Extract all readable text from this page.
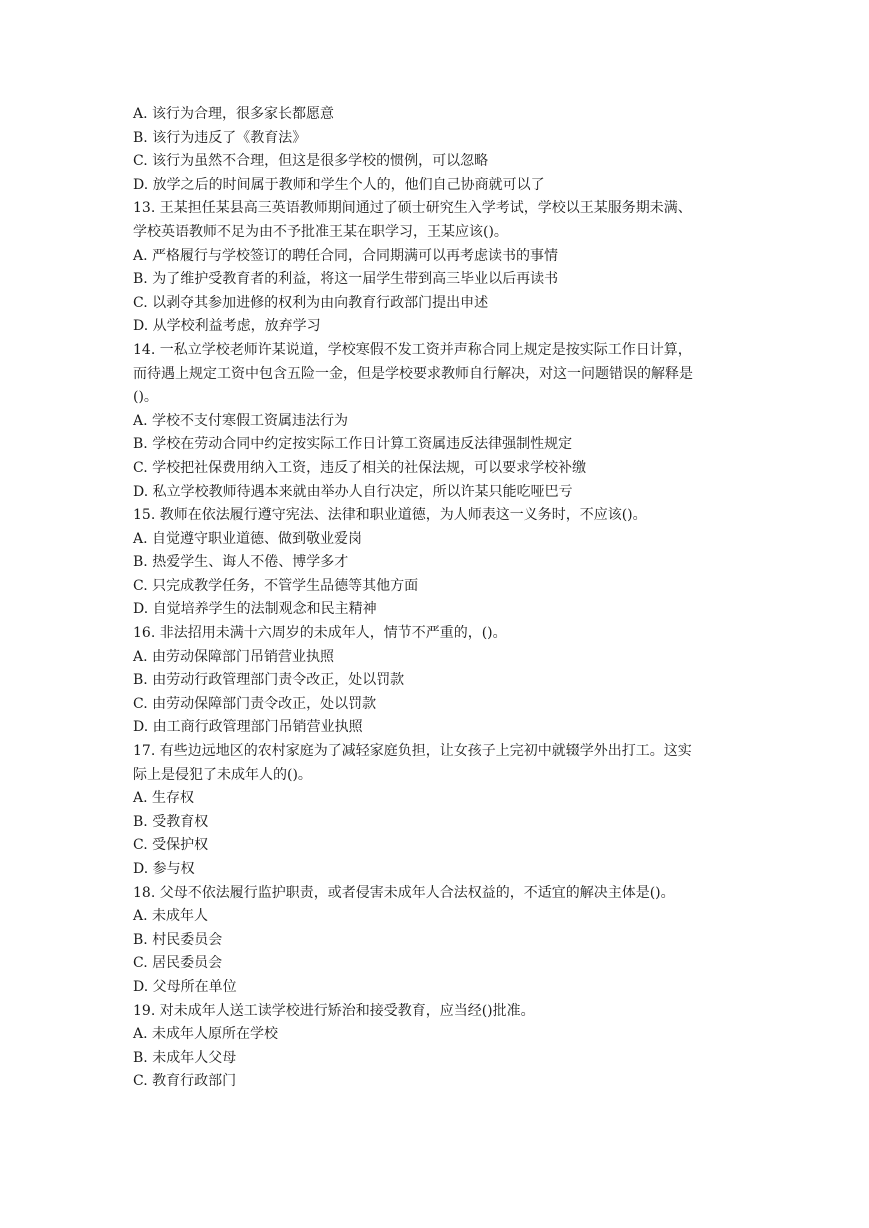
A. 该行为合理，很多家长都愿意
B. 该行为违反了《教育法》
C. 该行为虽然不合理，但这是很多学校的惯例，可以忽略
D. 放学之后的时间属于教师和学生个人的，他们自己协商就可以了
13. 王某担任某县高三英语教师期间通过了硕士研究生入学考试，学校以王某服务期未满、
学校英语教师不足为由不予批准王某在职学习，王某应该()。
A. 严格履行与学校签订的聘任合同，合同期满可以再考虑读书的事情
B. 为了维护受教育者的利益，将这一届学生带到高三毕业以后再读书
C. 以剥夺其参加进修的权利为由向教育行政部门提出申述
D. 从学校利益考虑，放弃学习
14. 一私立学校老师许某说道，学校寒假不发工资并声称合同上规定是按实际工作日计算，
而待遇上规定工资中包含五险一金，但是学校要求教师自行解决，对这一问题错误的解释是
()。
A. 学校不支付寒假工资属违法行为
B. 学校在劳动合同中约定按实际工作日计算工资属违反法律强制性规定
C. 学校把社保费用纳入工资，违反了相关的社保法规，可以要求学校补缴
D. 私立学校教师待遇本来就由举办人自行决定，所以许某只能吃哑巴亏
15. 教师在依法履行遵守宪法、法律和职业道德，为人师表这一义务时，不应该()。
A. 自觉遵守职业道德、做到敬业爱岗
B. 热爱学生、诲人不倦、博学多才
C. 只完成教学任务，不管学生品德等其他方面
D. 自觉培养学生的法制观念和民主精神
16. 非法招用未满十六周岁的未成年人，情节不严重的，()。
A. 由劳动保障部门吊销营业执照
B. 由劳动行政管理部门责令改正，处以罚款
C. 由劳动保障部门责令改正，处以罚款
D. 由工商行政管理部门吊销营业执照
17. 有些边远地区的农村家庭为了减轻家庭负担，让女孩子上完初中就辍学外出打工。这实
际上是侵犯了未成年人的()。
A. 生存权
B. 受教育权
C. 受保护权
D. 参与权
18. 父母不依法履行监护职责，或者侵害未成年人合法权益的，不适宜的解决主体是()。
A. 未成年人
B. 村民委员会
C. 居民委员会
D. 父母所在单位
19. 对未成年人送工读学校进行矫治和接受教育，应当经()批准。
A. 未成年人原所在学校
B. 未成年人父母
C. 教育行政部门
